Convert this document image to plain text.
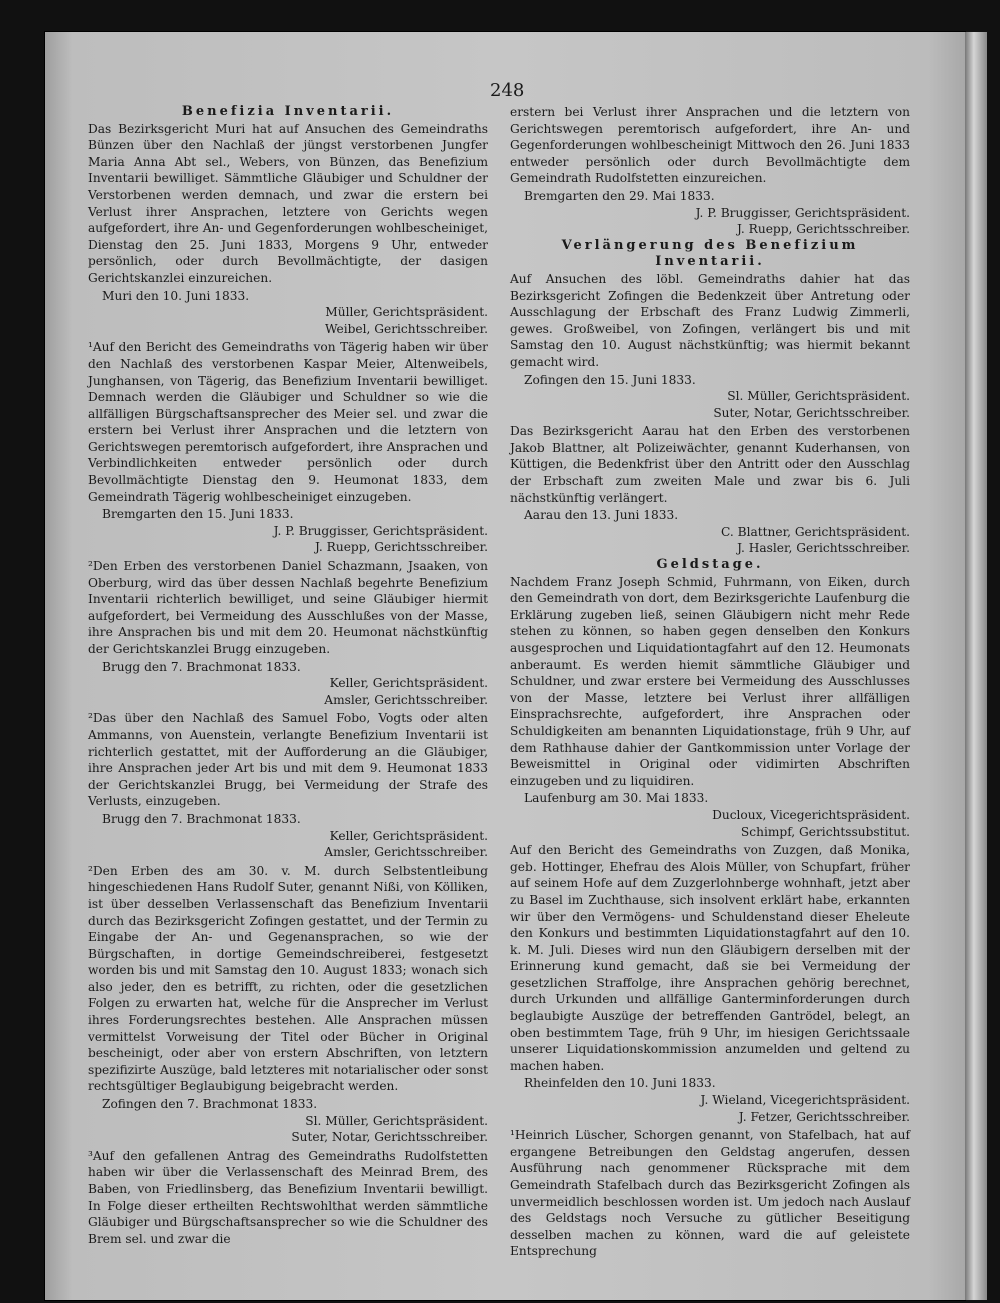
248

Benefizia Inventarii.

Das Bezirksgericht Muri hat auf Ansuchen des Gemeindraths Bünzen über den Nachlaß der jüngst verstorbenen Jungfer Maria Anna Abt sel., Webers, von Bünzen, das Benefizium Inventarii bewilliget. Sämmtliche Gläubiger und Schuldner der Verstorbenen werden demnach, und zwar die erstern bei Verlust ihrer Ansprachen, letztere von Gerichts wegen aufgefordert, ihre An- und Gegenforderungen wohlbescheiniget, Dienstag den 25. Juni 1833, Morgens 9 Uhr, entweder persönlich, oder durch Bevollmächtigte, der dasigen Gerichtskanzlei einzureichen.

Muri den 10. Juni 1833.

Müller, Gerichtspräsident.

Weibel, Gerichtsschreiber.

¹Auf den Bericht des Gemeindraths von Tägerig haben wir über den Nachlaß des verstorbenen Kaspar Meier, Altenweibels, Junghansen, von Tägerig, das Benefizium Inventarii bewilliget. Demnach werden die Gläubiger und Schuldner so wie die allfälligen Bürgschaftsansprecher des Meier sel. und zwar die erstern bei Verlust ihrer Ansprachen und die letztern von Gerichtswegen peremtorisch aufgefordert, ihre Ansprachen und Verbindlichkeiten entweder persönlich oder durch Bevollmächtigte Dienstag den 9. Heumonat 1833, dem Gemeindrath Tägerig wohlbescheiniget einzugeben.

Bremgarten den 15. Juni 1833.

J. P. Bruggisser, Gerichtspräsident.

J. Ruepp, Gerichtsschreiber.

²Den Erben des verstorbenen Daniel Schazmann, Jsaaken, von Oberburg, wird das über dessen Nachlaß begehrte Benefizium Inventarii richterlich bewilliget, und seine Gläubiger hiermit aufgefordert, bei Vermeidung des Ausschlußes von der Masse, ihre Ansprachen bis und mit dem 20. Heumonat nächstkünftig der Gerichtskanzlei Brugg einzugeben.

Brugg den 7. Brachmonat 1833.

Keller, Gerichtspräsident.

Amsler, Gerichtsschreiber.

²Das über den Nachlaß des Samuel Fobo, Vogts oder alten Ammanns, von Auenstein, verlangte Benefizium Inventarii ist richterlich gestattet, mit der Aufforderung an die Gläubiger, ihre Ansprachen jeder Art bis und mit dem 9. Heumonat 1833 der Gerichtskanzlei Brugg, bei Vermeidung der Strafe des Verlusts, einzugeben.

Brugg den 7. Brachmonat 1833.

Keller, Gerichtspräsident.

Amsler, Gerichtsschreiber.

²Den Erben des am 30. v. M. durch Selbstentleibung hingeschiedenen Hans Rudolf Suter, genannt Nißi, von Kölliken, ist über desselben Verlassenschaft das Benefizium Inventarii durch das Bezirksgericht Zofingen gestattet, und der Termin zu Eingabe der An- und Gegenansprachen, so wie der Bürgschaften, in dortige Gemeindschreiberei, festgesetzt worden bis und mit Samstag den 10. August 1833; wonach sich also jeder, den es betrifft, zu richten, oder die gesetzlichen Folgen zu erwarten hat, welche für die Ansprecher im Verlust ihres Forderungsrechtes bestehen. Alle Ansprachen müssen vermittelst Vorweisung der Titel oder Bücher in Original bescheinigt, oder aber von erstern Abschriften, von letztern spezifizirte Auszüge, bald letzteres mit notarialischer oder sonst rechtsgültiger Beglaubigung beigebracht werden.

Zofingen den 7. Brachmonat 1833.

Sl. Müller, Gerichtspräsident.

Suter, Notar, Gerichtsschreiber.

³Auf den gefallenen Antrag des Gemeindraths Rudolfstetten haben wir über die Verlassenschaft des Meinrad Brem, des Baben, von Friedlinsberg, das Benefizium Inventarii bewilligt. In Folge dieser ertheilten Rechtswohlthat werden sämmtliche Gläubiger und Bürgschaftsansprecher so wie die Schuldner des Brem sel. und zwar die

erstern bei Verlust ihrer Ansprachen und die letztern von Gerichtswegen peremtorisch aufgefordert, ihre An- und Gegenforderungen wohlbescheinigt Mittwoch den 26. Juni 1833 entweder persönlich oder durch Bevollmächtigte dem Gemeindrath Rudolfstetten einzureichen.

Bremgarten den 29. Mai 1833.

J. P. Bruggisser, Gerichtspräsident.

J. Ruepp, Gerichtsschreiber.

Verlängerung des Benefizium Inventarii.

Auf Ansuchen des löbl. Gemeindraths dahier hat das Bezirksgericht Zofingen die Bedenkzeit über Antretung oder Ausschlagung der Erbschaft des Franz Ludwig Zimmerli, gewes. Großweibel, von Zofingen, verlängert bis und mit Samstag den 10. August nächstkünftig; was hiermit bekannt gemacht wird.

Zofingen den 15. Juni 1833.

Sl. Müller, Gerichtspräsident.

Suter, Notar, Gerichtsschreiber.

Das Bezirksgericht Aarau hat den Erben des verstorbenen Jakob Blattner, alt Polizeiwächter, genannt Kuderhansen, von Küttigen, die Bedenkfrist über den Antritt oder den Ausschlag der Erbschaft zum zweiten Male und zwar bis 6. Juli nächstkünftig verlängert.

Aarau den 13. Juni 1833.

C. Blattner, Gerichtspräsident.

J. Hasler, Gerichtsschreiber.

Geldstage.

Nachdem Franz Joseph Schmid, Fuhrmann, von Eiken, durch den Gemeindrath von dort, dem Bezirksgerichte Laufenburg die Erklärung zugeben ließ, seinen Gläubigern nicht mehr Rede stehen zu können, so haben gegen denselben den Konkurs ausgesprochen und Liquidationtagfahrt auf den 12. Heumonats anberaumt. Es werden hiemit sämmtliche Gläubiger und Schuldner, und zwar erstere bei Vermeidung des Ausschlusses von der Masse, letztere bei Verlust ihrer allfälligen Einsprachsrechte, aufgefordert, ihre Ansprachen oder Schuldigkeiten am benannten Liquidationstage, früh 9 Uhr, auf dem Rathhause dahier der Gantkommission unter Vorlage der Beweismittel in Original oder vidimirten Abschriften einzugeben und zu liquidiren.

Laufenburg am 30. Mai 1833.

Ducloux, Vicegerichtspräsident.

Schimpf, Gerichtssubstitut.

Auf den Bericht des Gemeindraths von Zuzgen, daß Monika, geb. Hottinger, Ehefrau des Alois Müller, von Schupfart, früher auf seinem Hofe auf dem Zuzgerlohnberge wohnhaft, jetzt aber zu Basel im Zuchthause, sich insolvent erklärt habe, erkannten wir über den Vermögens- und Schuldenstand dieser Eheleute den Konkurs und bestimmten Liquidationstagfahrt auf den 10. k. M. Juli. Dieses wird nun den Gläubigern derselben mit der Erinnerung kund gemacht, daß sie bei Vermeidung der gesetzlichen Straffolge, ihre Ansprachen gehörig berechnet, durch Urkunden und allfällige Ganterminforderungen durch beglaubigte Auszüge der betreffenden Gantrödel, belegt, an oben bestimmtem Tage, früh 9 Uhr, im hiesigen Gerichtssaale unserer Liquidationskommission anzumelden und geltend zu machen haben.

Rheinfelden den 10. Juni 1833.

J. Wieland, Vicegerichtspräsident.

J. Fetzer, Gerichtsschreiber.

¹Heinrich Lüscher, Schorgen genannt, von Stafelbach, hat auf ergangene Betreibungen den Geldstag angerufen, dessen Ausführung nach genommener Rücksprache mit dem Gemeindrath Stafelbach durch das Bezirksgericht Zofingen als unvermeidlich beschlossen worden ist. Um jedoch nach Auslauf des Geldstags noch Versuche zu gütlicher Beseitigung desselben machen zu können, ward die auf geleistete Entsprechung
